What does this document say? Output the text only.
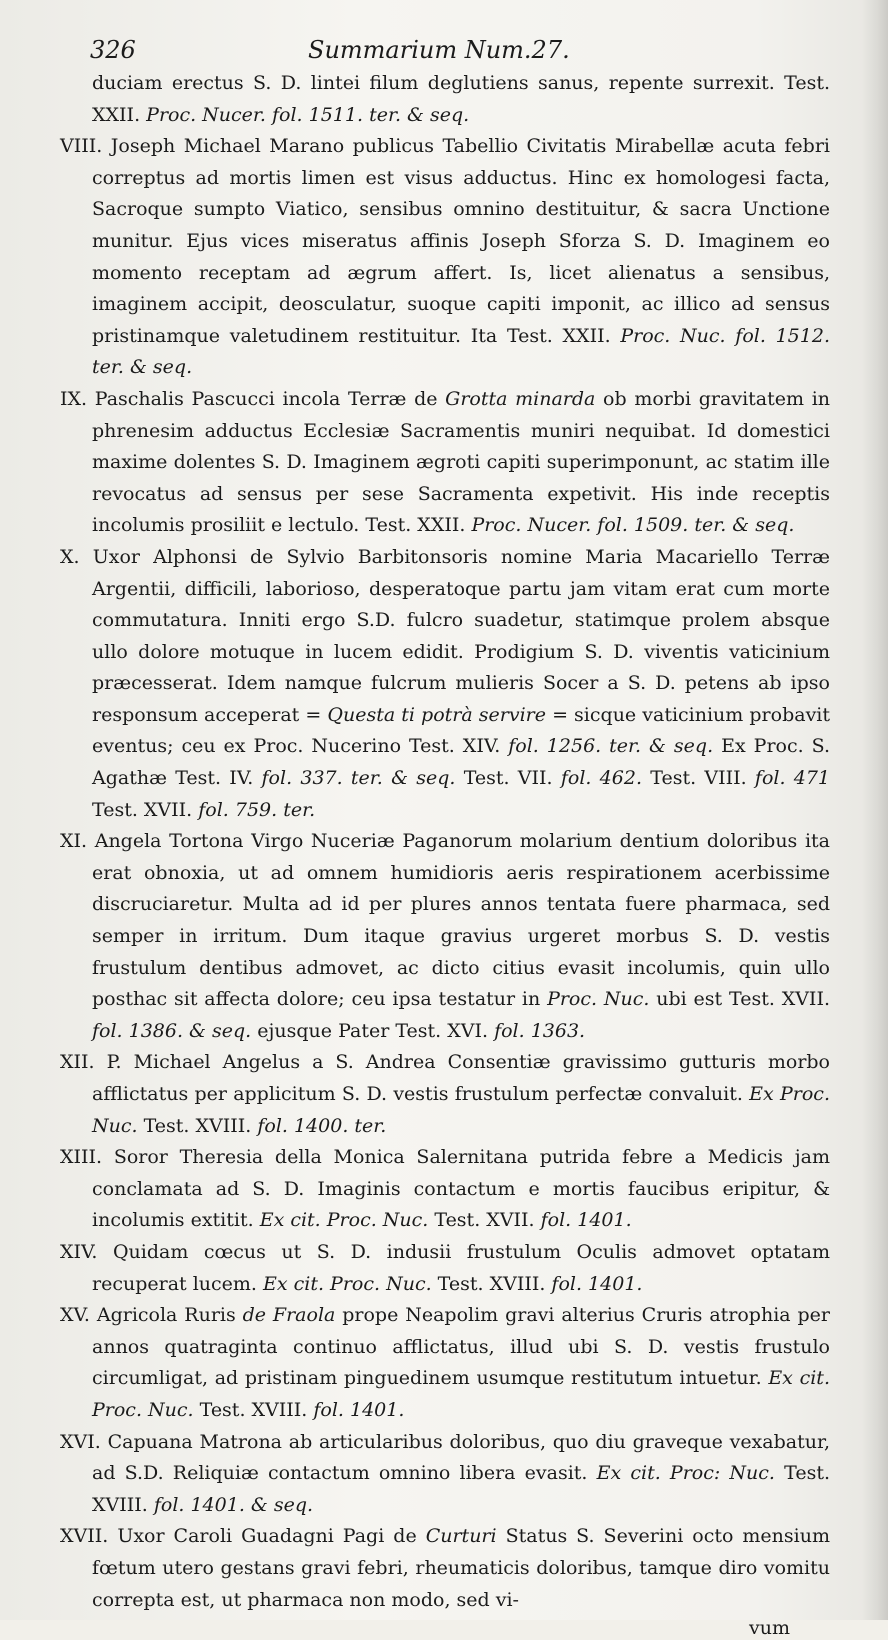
326	Summarium Num.27.

duciam erectus S. D. lintei filum deglutiens sanus, repente surrexit. Test. XXII. Proc. Nucer. fol. 1511. ter. & seq.

VIII. Joseph Michael Marano publicus Tabellio Civitatis Mirabellæ acuta febri correptus ad mortis limen est visus adductus. Hinc ex homologesi facta, Sacroque sumpto Viatico, sensibus omnino destituitur, & sacra Unctione munitur. Ejus vices miseratus affinis Joseph Sforza S. D. Imaginem eo momento receptam ad ægrum affert. Is, licet alienatus a sensibus, imaginem accipit, deosculatur, suoque capiti imponit, ac illico ad sensus pristinamque valetudinem restituitur. Ita Test. XXII. Proc. Nuc. fol. 1512. ter. & seq.

IX. Paschalis Pascucci incola Terræ de Grotta minarda ob morbi gravitatem in phrenesim adductus Ecclesiæ Sacramentis muniri nequibat. Id domestici maxime dolentes S. D. Imaginem ægroti capiti superimponunt, ac statim ille revocatus ad sensus per sese Sacramenta expetivit. His inde receptis incolumis prosiliit e lectulo. Test. XXII. Proc. Nucer. fol. 1509. ter. & seq.

X. Uxor Alphonsi de Sylvio Barbitonsoris nomine Maria Macariello Terræ Argentii, difficili, laborioso, desperatoque partu jam vitam erat cum morte commutatura. Inniti ergo S.D. fulcro suadetur, statimque prolem absque ullo dolore motuque in lucem edidit. Prodigium S. D. viventis vaticinium præcesserat. Idem namque fulcrum mulieris Socer a S. D. petens ab ipso responsum acceperat = Questa ti potrà servire = sicque vaticinium probavit eventus; ceu ex Proc. Nucerino Test. XIV. fol. 1256. ter. & seq. Ex Proc. S. Agathæ Test. IV. fol. 337. ter. & seq. Test. VII. fol. 462. Test. VIII. fol. 471 Test. XVII. fol. 759. ter.

XI. Angela Tortona Virgo Nuceriæ Paganorum molarium dentium doloribus ita erat obnoxia, ut ad omnem humidioris aeris respirationem acerbissime discruciaretur. Multa ad id per plures annos tentata fuere pharmaca, sed semper in irritum. Dum itaque gravius urgeret morbus S. D. vestis frustulum dentibus admovet, ac dicto citius evasit incolumis, quin ullo posthac sit affecta dolore; ceu ipsa testatur in Proc. Nuc. ubi est Test. XVII. fol. 1386. & seq. ejusque Pater Test. XVI. fol. 1363.

XII. P. Michael Angelus a S. Andrea Consentiæ gravissimo gutturis morbo afflictatus per applicitum S. D. vestis frustulum perfectæ convaluit. Ex Proc. Nuc. Test. XVIII. fol. 1400. ter.

XIII. Soror Theresia della Monica Salernitana putrida febre a Medicis jam conclamata ad S. D. Imaginis contactum e mortis faucibus eripitur, & incolumis extitit. Ex cit. Proc. Nuc. Test. XVII. fol. 1401.

XIV. Quidam cœcus ut S. D. indusii frustulum Oculis admovet optatam recuperat lucem. Ex cit. Proc. Nuc. Test. XVIII. fol. 1401.

XV. Agricola Ruris de Fraola prope Neapolim gravi alterius Cruris atrophia per annos quatraginta continuo afflictatus, illud ubi S. D. vestis frustulo circumligat, ad pristinam pinguedinem usumque restitutum intuetur. Ex cit. Proc. Nuc. Test. XVIII. fol. 1401.

XVI. Capuana Matrona ab articularibus doloribus, quo diu graveque vexabatur, ad S.D. Reliquiæ contactum omnino libera evasit. Ex cit. Proc: Nuc. Test. XVIII. fol. 1401. & seq.

XVII. Uxor Caroli Guadagni Pagi de Curturi Status S. Severini octo mensium fœtum utero gestans gravi febri, rheumaticis doloribus, tamque diro vomitu correpta est, ut pharmaca non modo, sed vi-

vum
